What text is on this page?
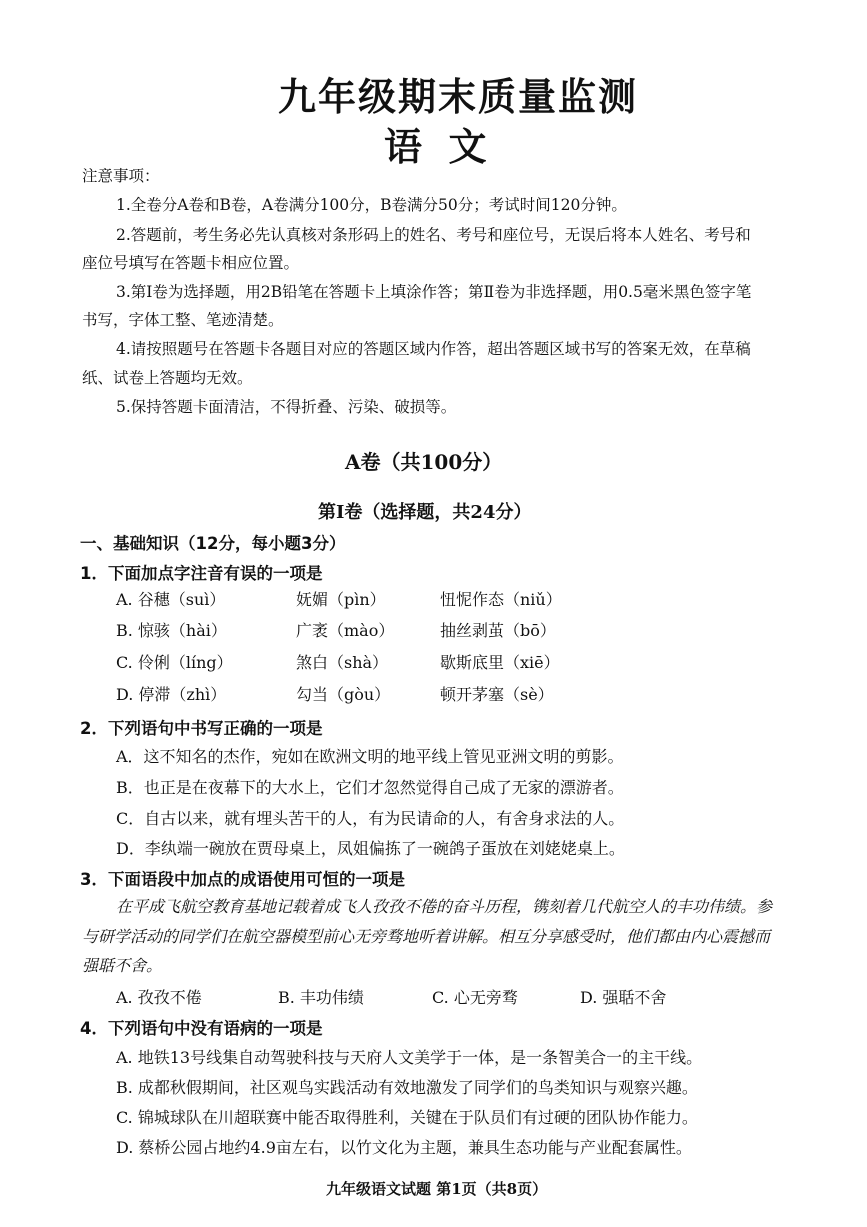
九年级期末质量监测
语  文
注意事项：
1.全卷分A卷和B卷，A卷满分100分，B卷满分50分；考试时间120分钟。
2.答题前，考生务必先认真核对条形码上的姓名、考号和座位号，无误后将本人姓名、考号和
座位号填写在答题卡相应位置。
3.第Ⅰ卷为选择题，用2B铅笔在答题卡上填涂作答；第Ⅱ卷为非选择题，用0.5毫米黑色签字笔
书写，字体工整、笔迹清楚。
4.请按照题号在答题卡各题目对应的答题区域内作答，超出答题区域书写的答案无效，在草稿
纸、试卷上答题均无效。
5.保持答题卡面清洁，不得折叠、污染、破损等。
A卷（共100分）
第Ⅰ卷（选择题，共24分）
一、基础知识（12分，每小题3分）
1．下面加点字注音有误的一项是
A. 谷穗（suì）	妩媚（pìn）	忸怩作态（niǔ）
B. 惊骇（hài）	广袤（mào）	抽丝剥茧（bō）
C. 伶俐（líng）	煞白（shà）	歇斯底里（xiē）
D. 停滞（zhì）	勾当（gòu）	顿开茅塞（sè）
2．下列语句中书写正确的一项是
A．这不知名的杰作，宛如在欧洲文明的地平线上管见亚洲文明的剪影。
B．也正是在夜幕下的大水上，它们才忽然觉得自己成了无家的漂游者。
C．自古以来，就有埋头苦干的人，有为民请命的人，有舍身求法的人。
D．李纨端一碗放在贾母桌上，凤姐偏拣了一碗鸽子蛋放在刘姥姥桌上。
3．下面语段中加点的成语使用可恒的一项是
在平成飞航空教育基地记载着成飞人孜孜不倦的奋斗历程，镌刻着几代航空人的丰功伟绩。参
与研学活动的同学们在航空器模型前心无旁骛地听着讲解。相互分享感受时，他们都由内心震撼而
强聒不舍。
A. 孜孜不倦	B. 丰功伟绩	C. 心无旁骛	D. 强聒不舍
4．下列语句中没有语病的一项是
A. 地铁13号线集自动驾驶科技与天府人文美学于一体，是一条智美合一的主干线。
B. 成都秋假期间，社区观鸟实践活动有效地激发了同学们的鸟类知识与观察兴趣。
C. 锦城球队在川超联赛中能否取得胜利，关键在于队员们有过硬的团队协作能力。
D. 蔡桥公园占地约4.9亩左右，以竹文化为主题，兼具生态功能与产业配套属性。
九年级语文试题 第1页（共8页）
